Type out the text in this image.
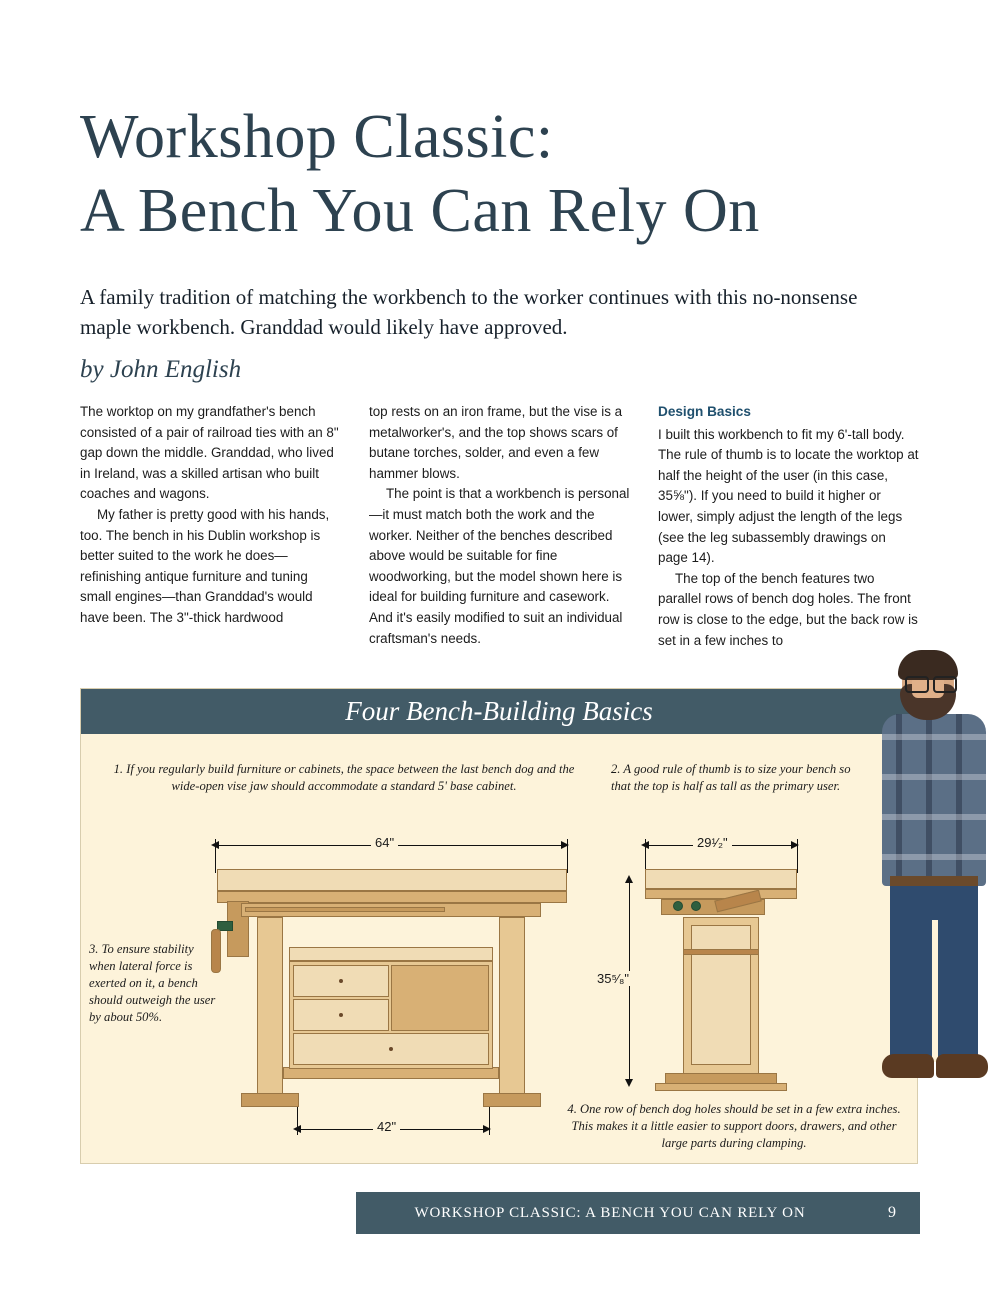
Workshop Classic:
A Bench You Can Rely On
A family tradition of matching the workbench to the worker continues with this no-nonsense maple workbench. Granddad would likely have approved.
by John English

The worktop on my grandfather's bench consisted of a pair of railroad ties with an 8" gap down the middle. Granddad, who lived in Ireland, was a skilled artisan who built coaches and wagons.

My father is pretty good with his hands, too. The bench in his Dublin workshop is better suited to the work he does—refinishing antique furniture and tuning small engines—than Granddad's would have been. The 3"-thick hardwood

top rests on an iron frame, but the vise is a metalworker's, and the top shows scars of butane torches, solder, and even a few hammer blows.

The point is that a workbench is personal—it must match both the work and the worker. Neither of the benches described above would be suitable for fine woodworking, but the model shown here is ideal for building furniture and casework. And it's easily modified to suit an individual craftsman's needs.

Design Basics

I built this workbench to fit my 6'-tall body. The rule of thumb is to locate the worktop at half the height of the user (in this case, 35⅝"). If you need to build it higher or lower, simply adjust the length of the legs (see the leg subassembly drawings on page 14).

The top of the bench features two parallel rows of bench dog holes. The front row is close to the edge, but the back row is set in a few inches to

Four Bench-Building Basics
1. If you regularly build furniture or cabinets, the space between the last bench dog and the wide-open vise jaw should accommodate a standard 5' base cabinet.
2. A good rule of thumb is to size your bench so that the top is half as tall as the primary user.
3. To ensure stability when lateral force is exerted on it, a bench should outweigh the user by about 50%.
4. One row of bench dog holes should be set in a few extra inches. This makes it a little easier to support doors, drawers, and other large parts during clamping.
64"
42"
29¹⁄₂"
35⁵⁄₈"
WORKSHOP CLASSIC: A BENCH YOU CAN RELY ON	9
